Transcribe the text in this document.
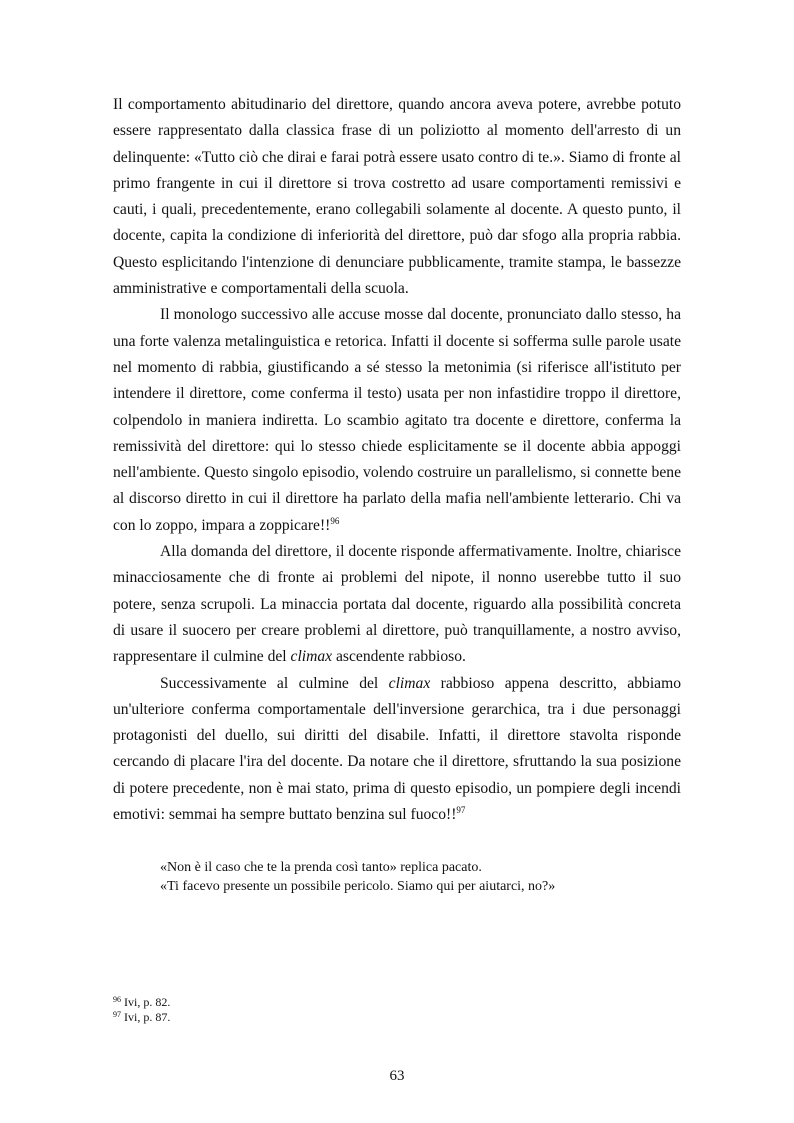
Il comportamento abitudinario del direttore, quando ancora aveva potere, avrebbe potuto essere rappresentato dalla classica frase di un poliziotto al momento dell'arresto di un delinquente: «Tutto ciò che dirai e farai potrà essere usato contro di te.». Siamo di fronte al primo frangente in cui il direttore si trova costretto ad usare comportamenti remissivi e cauti, i quali, precedentemente, erano collegabili solamente al docente. A questo punto, il docente, capita la condizione di inferiorità del direttore, può dar sfogo alla propria rabbia. Questo esplicitando l'intenzione di denunciare pubblicamente, tramite stampa, le bassezze amministrative e comportamentali della scuola.

Il monologo successivo alle accuse mosse dal docente, pronunciato dallo stesso, ha una forte valenza metalinguistica e retorica. Infatti il docente si sofferma sulle parole usate nel momento di rabbia, giustificando a sé stesso la metonimia (si riferisce all'istituto per intendere il direttore, come conferma il testo) usata per non infastidire troppo il direttore, colpendolo in maniera indiretta. Lo scambio agitato tra docente e direttore, conferma la remissività del direttore: qui lo stesso chiede esplicitamente se il docente abbia appoggi nell'ambiente. Questo singolo episodio, volendo costruire un parallelismo, si connette bene al discorso diretto in cui il direttore ha parlato della mafia nell'ambiente letterario. Chi va con lo zoppo, impara a zoppicare!!$^{96}$

Alla domanda del direttore, il docente risponde affermativamente. Inoltre, chiarisce minacciosamente che di fronte ai problemi del nipote, il nonno userebbe tutto il suo potere, senza scrupoli. La minaccia portata dal docente, riguardo alla possibilità concreta di usare il suocero per creare problemi al direttore, può tranquillamente, a nostro avviso, rappresentare il culmine del climax ascendente rabbioso.

Successivamente al culmine del climax rabbioso appena descritto, abbiamo un'ulteriore conferma comportamentale dell'inversione gerarchica, tra i due personaggi protagonisti del duello, sui diritti del disabile. Infatti, il direttore stavolta risponde cercando di placare l'ira del docente. Da notare che il direttore, sfruttando la sua posizione di potere precedente, non è mai stato, prima di questo episodio, un pompiere degli incendi emotivi: semmai ha sempre buttato benzina sul fuoco!!$^{97}$

«Non è il caso che te la prenda così tanto» replica pacato.

«Ti facevo presente un possibile pericolo. Siamo qui per aiutarci, no?»

$^{96}$ Ivi, p. 82.

$^{97}$ Ivi, p. 87.

63
